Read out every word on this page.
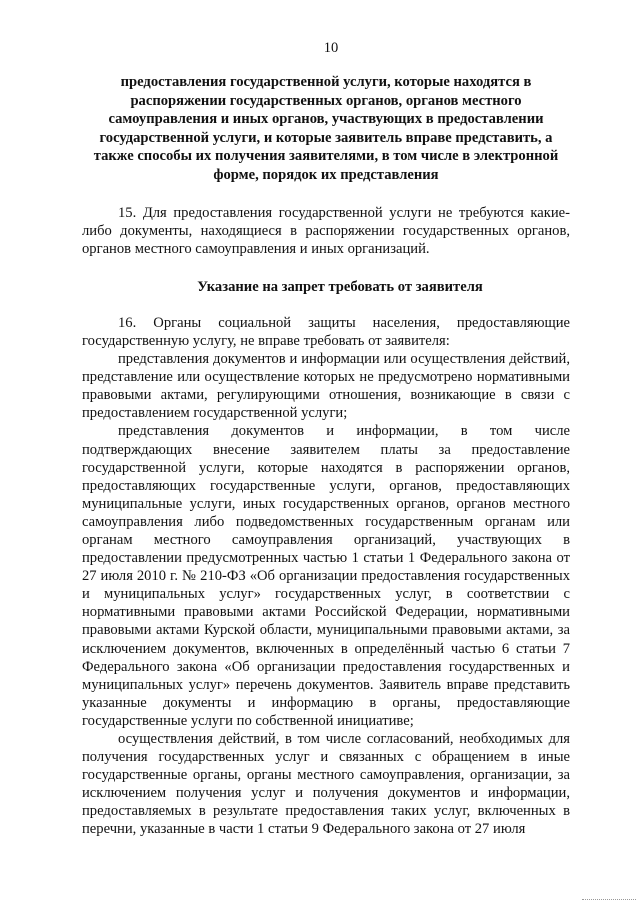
10

предоставления государственной услуги, которые находятся в распоряжении государственных органов, органов местного самоуправления и иных органов, участвующих в предоставлении государственной услуги, и которые заявитель вправе представить, а также способы их получения заявителями, в том числе в электронной форме, порядок их представления

15. Для предоставления государственной услуги не требуются какие-либо документы, находящиеся в распоряжении государственных органов, органов местного самоуправления и иных организаций.

Указание на запрет требовать от заявителя

16. Органы социальной защиты населения, предоставляющие государственную услугу, не вправе требовать от заявителя:

представления документов и информации или осуществления действий, представление или осуществление которых не предусмотрено нормативными правовыми актами, регулирующими отношения, возникающие в связи с предоставлением государственной услуги;

представления документов и информации, в том числе подтверждающих внесение заявителем платы за предоставление государственной услуги, которые находятся в распоряжении органов, предоставляющих государственные услуги, органов, предоставляющих муниципальные услуги, иных государственных органов, органов местного самоуправления либо подведомственных государственным органам или органам местного самоуправления организаций, участвующих в предоставлении предусмотренных частью 1 статьи 1 Федерального закона от 27 июля 2010 г. № 210-ФЗ «Об организации предоставления государственных и муниципальных услуг» государственных услуг, в соответствии с нормативными правовыми актами Российской Федерации, нормативными правовыми актами Курской области, муниципальными правовыми актами, за исключением документов, включенных в определённый частью 6 статьи 7 Федерального закона «Об организации предоставления государственных и муниципальных услуг» перечень документов. Заявитель вправе представить указанные документы и информацию в органы, предоставляющие государственные услуги по собственной инициативе;

осуществления действий, в том числе согласований, необходимых для получения государственных услуг и связанных с обращением в иные государственные органы, органы местного самоуправления, организации, за исключением получения услуг и получения документов и информации, предоставляемых в результате предоставления таких услуг, включенных в перечни, указанные в части 1 статьи 9 Федерального закона от 27 июля
